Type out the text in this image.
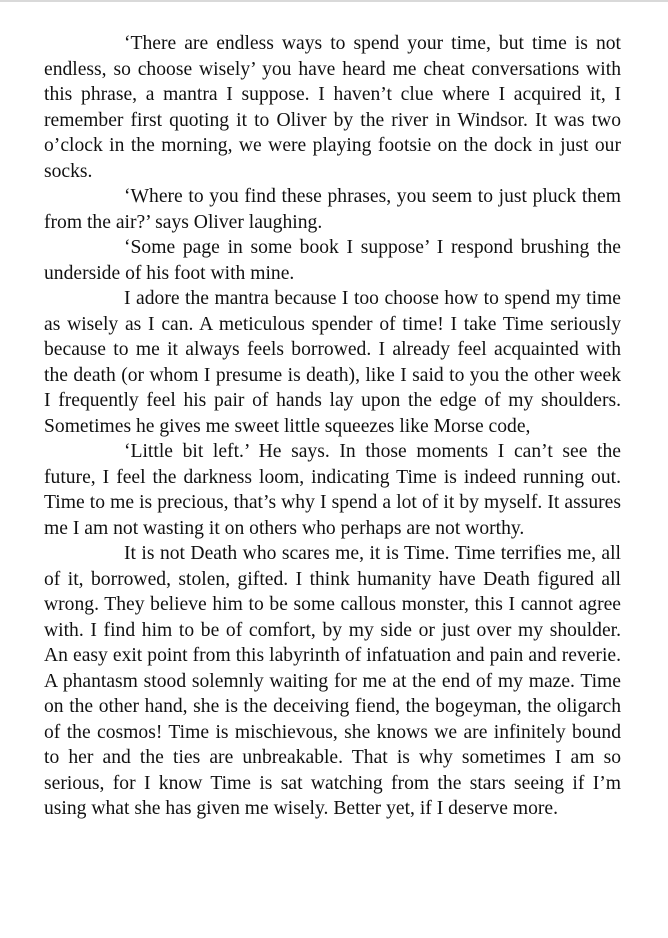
‘There are endless ways to spend your time, but time is not endless, so choose wisely’ you have heard me cheat conversations with this phrase, a mantra I suppose. I haven’t clue where I acquired it, I remember first quoting it to Oliver by the river in Windsor. It was two o’clock in the morning, we were playing footsie on the dock in just our socks.

‘Where to you find these phrases, you seem to just pluck them from the air?’ says Oliver laughing.

‘Some page in some book I suppose’ I respond brushing the underside of his foot with mine.

I adore the mantra because I too choose how to spend my time as wisely as I can. A meticulous spender of time! I take Time seriously because to me it always feels borrowed. I already feel acquainted with the death (or whom I presume is death), like I said to you the other week I frequently feel his pair of hands lay upon the edge of my shoulders. Sometimes he gives me sweet little squeezes like Morse code,

‘Little bit left.’ He says. In those moments I can’t see the future, I feel the darkness loom, indicating Time is indeed running out. Time to me is precious, that’s why I spend a lot of it by myself. It assures me I am not wasting it on others who perhaps are not worthy.

It is not Death who scares me, it is Time. Time terrifies me, all of it, borrowed, stolen, gifted. I think humanity have Death figured all wrong. They believe him to be some callous monster, this I cannot agree with. I find him to be of comfort, by my side or just over my shoulder. An easy exit point from this labyrinth of infatuation and pain and reverie. A phantasm stood solemnly waiting for me at the end of my maze. Time on the other hand, she is the deceiving fiend, the bogeyman, the oligarch of the cosmos! Time is mischievous, she knows we are infinitely bound to her and the ties are unbreakable. That is why sometimes I am so serious, for I know Time is sat watching from the stars seeing if I’m using what she has given me wisely. Better yet, if I deserve more.
